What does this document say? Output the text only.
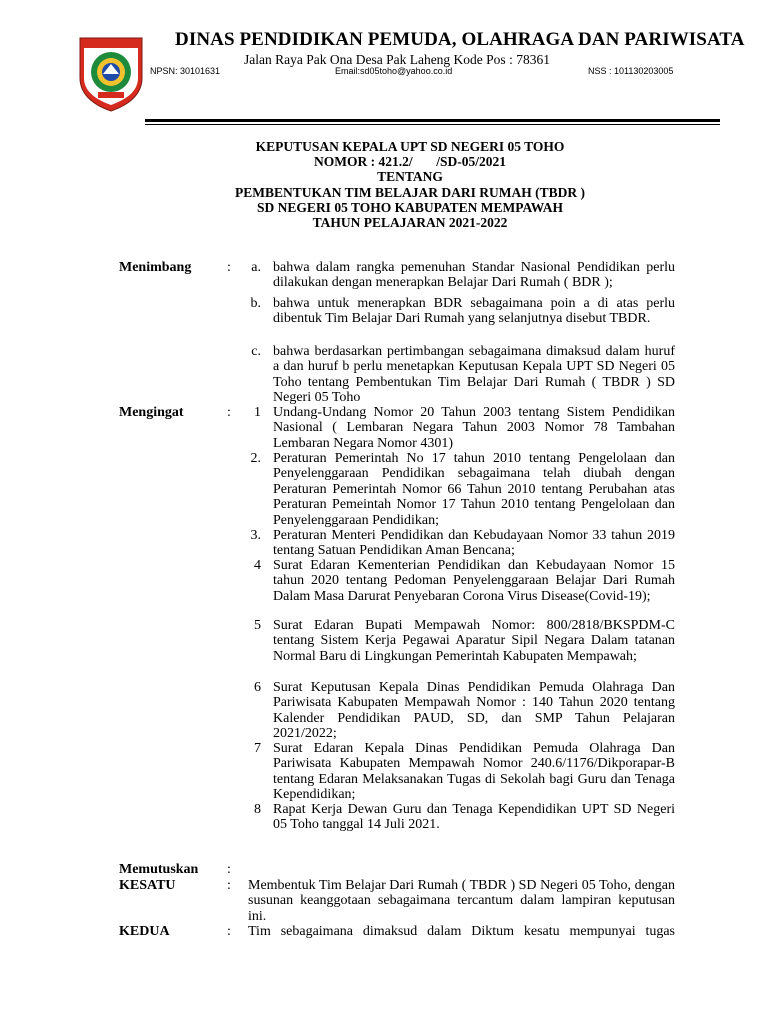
DINAS PENDIDIKAN PEMUDA, OLAHRAGA DAN PARIWISATA
Jalan Raya Pak Ona Desa Pak Laheng Kode Pos : 78361
NPSN: 30101631	Email:sd05toho@yahoo.co.id	NSS : 101130203005
KEPUTUSAN KEPALA UPT SD NEGERI 05 TOHO
NOMOR : 421.2/       /SD-05/2021
TENTANG
PEMBENTUKAN TIM BELAJAR DARI RUMAH (TBDR )
SD NEGERI 05 TOHO KABUPATEN MEMPAWAH
TAHUN PELAJARAN 2021-2022
Menimbang	:	a. bahwa dalam rangka pemenuhan Standar Nasional Pendidikan perlu dilakukan dengan menerapkan Belajar Dari Rumah ( BDR );
b. bahwa untuk menerapkan BDR sebagaimana poin a di atas perlu dibentuk Tim Belajar Dari Rumah yang selanjutnya disebut TBDR.
c. bahwa berdasarkan pertimbangan sebagaimana dimaksud dalam huruf a dan huruf b perlu menetapkan Keputusan Kepala UPT SD Negeri 05 Toho tentang Pembentukan Tim Belajar Dari Rumah ( TBDR ) SD Negeri 05 Toho
Mengingat	:	1 Undang-Undang Nomor 20 Tahun 2003 tentang Sistem Pendidikan Nasional ( Lembaran Negara Tahun 2003 Nomor 78 Tambahan Lembaran Negara Nomor 4301)
2. Peraturan Pemerintah No 17 tahun 2010 tentang Pengelolaan dan Penyelenggaraan Pendidikan sebagaimana telah diubah dengan Peraturan Pemerintah Nomor 66 Tahun 2010 tentang Perubahan atas Peraturan Pemeintah Nomor 17 Tahun 2010 tentang Pengelolaan dan Penyelenggaraan Pendidikan;
3. Peraturan Menteri Pendidikan dan Kebudayaan Nomor 33 tahun 2019 tentang Satuan Pendidikan Aman Bencana;
4 Surat Edaran Kementerian Pendidikan dan Kebudayaan Nomor 15 tahun 2020 tentang Pedoman Penyelenggaraan Belajar Dari Rumah Dalam Masa Darurat Penyebaran Corona Virus Disease(Covid-19);
5 Surat Edaran Bupati Mempawah Nomor: 800/2818/BKSPDM-C tentang Sistem Kerja Pegawai Aparatur Sipil Negara Dalam tatanan Normal Baru di Lingkungan Pemerintah Kabupaten Mempawah;
6 Surat Keputusan Kepala Dinas Pendidikan Pemuda Olahraga Dan Pariwisata Kabupaten Mempawah Nomor : 140 Tahun 2020 tentang Kalender Pendidikan PAUD, SD, dan SMP Tahun Pelajaran 2021/2022;
7 Surat Edaran Kepala Dinas Pendidikan Pemuda Olahraga Dan Pariwisata Kabupaten Mempawah Nomor 240.6/1176/Dikporapar-B tentang Edaran Melaksanakan Tugas di Sekolah bagi Guru dan Tenaga Kependidikan;
8 Rapat Kerja Dewan Guru dan Tenaga Kependidikan UPT SD Negeri 05 Toho tanggal 14 Juli 2021.
Memutuskan :
KESATU	: Membentuk Tim Belajar Dari Rumah ( TBDR ) SD Negeri 05 Toho, dengan susunan keanggotaan sebagaimana tercantum dalam lampiran keputusan ini.
KEDUA	: Tim sebagaimana dimaksud dalam Diktum kesatu mempunyai tugas
